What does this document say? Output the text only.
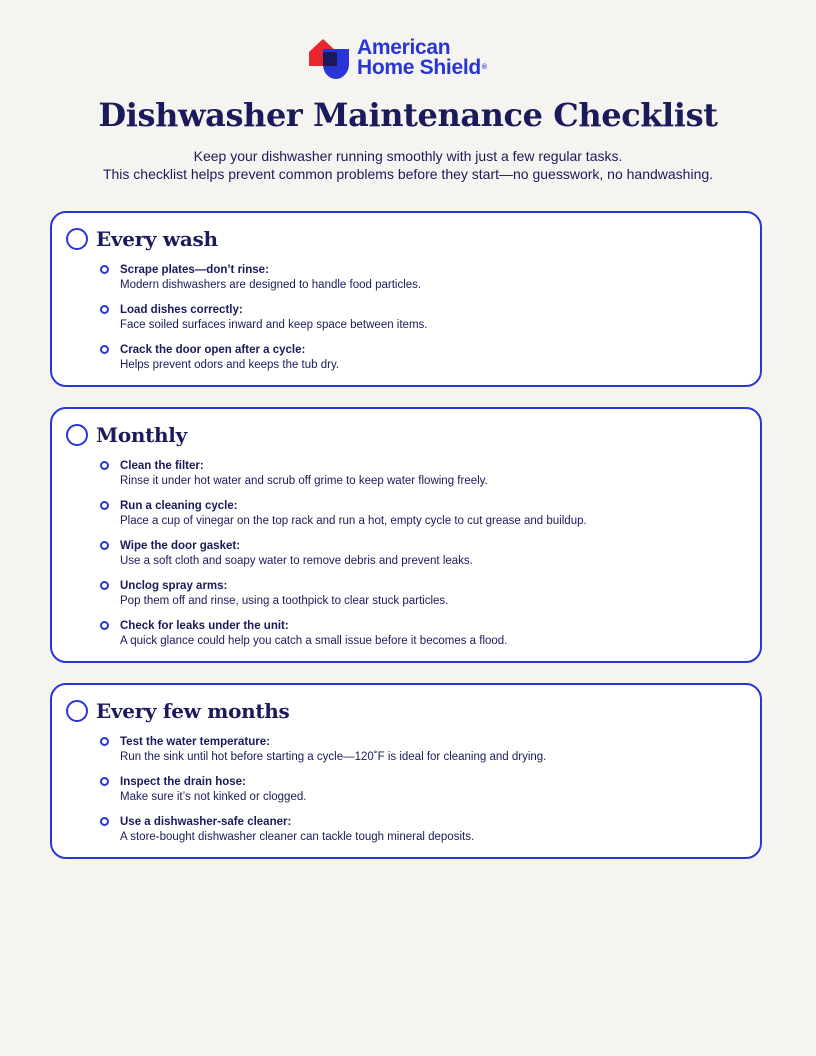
American
Home Shield®
Dishwasher Maintenance Checklist
Keep your dishwasher running smoothly with just a few regular tasks.
This checklist helps prevent common problems before they start—no guesswork, no handwashing.
Every wash
Scrape plates—don’t rinse:
Modern dishwashers are designed to handle food particles.
Load dishes correctly:
Face soiled surfaces inward and keep space between items.
Crack the door open after a cycle:
Helps prevent odors and keeps the tub dry.
Monthly
Clean the filter:
Rinse it under hot water and scrub off grime to keep water flowing freely.
Run a cleaning cycle:
Place a cup of vinegar on the top rack and run a hot, empty cycle to cut grease and buildup.
Wipe the door gasket:
Use a soft cloth and soapy water to remove debris and prevent leaks.
Unclog spray arms:
Pop them off and rinse, using a toothpick to clear stuck particles.
Check for leaks under the unit:
A quick glance could help you catch a small issue before it becomes a flood.
Every few months
Test the water temperature:
Run the sink until hot before starting a cycle—120˚F is ideal for cleaning and drying.
Inspect the drain hose:
Make sure it’s not kinked or clogged.
Use a dishwasher-safe cleaner:
A store-bought dishwasher cleaner can tackle tough mineral deposits.
